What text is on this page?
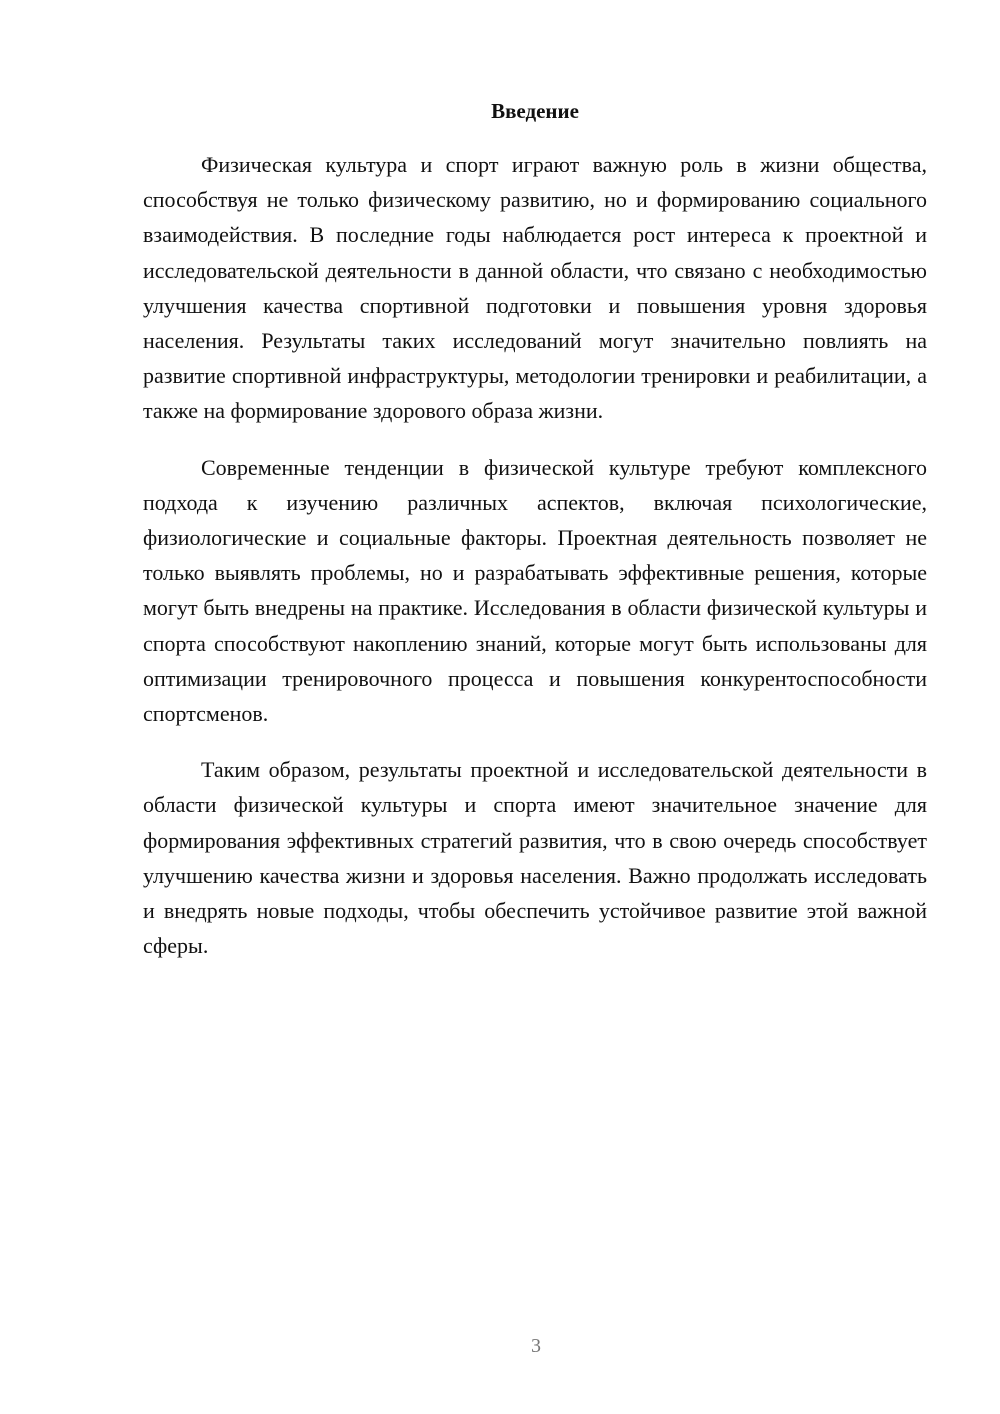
Введение

Физическая культура и спорт играют важную роль в жизни общества, способствуя не только физическому развитию, но и формированию социального взаимодействия. В последние годы наблюдается рост интереса к проектной и исследовательской деятельности в данной области, что связано с необходимостью улучшения качества спортивной подготовки и повышения уровня здоровья населения. Результаты таких исследований могут значительно повлиять на развитие спортивной инфраструктуры, методологии тренировки и реабилитации, а также на формирование здорового образа жизни.

Современные тенденции в физической культуре требуют комплексного подхода к изучению различных аспектов, включая психологические, физиологические и социальные факторы. Проектная деятельность позволяет не только выявлять проблемы, но и разрабатывать эффективные решения, которые могут быть внедрены на практике. Исследования в области физической культуры и спорта способствуют накоплению знаний, которые могут быть использованы для оптимизации тренировочного процесса и повышения конкурентоспособности спортсменов.

Таким образом, результаты проектной и исследовательской деятельности в области физической культуры и спорта имеют значительное значение для формирования эффективных стратегий развития, что в свою очередь способствует улучшению качества жизни и здоровья населения. Важно продолжать исследовать и внедрять новые подходы, чтобы обеспечить устойчивое развитие этой важной сферы.

3
